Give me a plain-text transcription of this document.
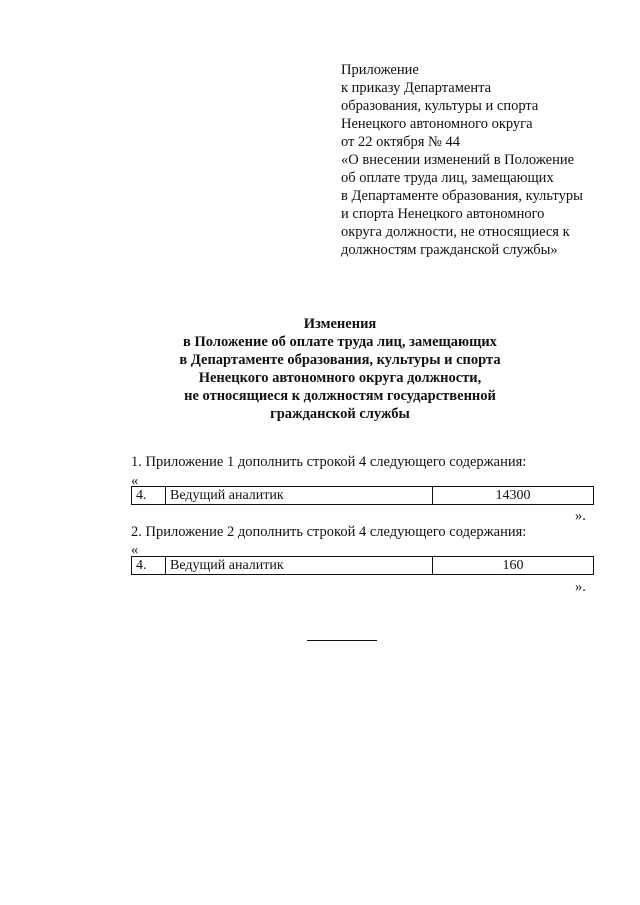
Приложение
к приказу Департамента
образования, культуры и спорта
Ненецкого автономного округа
от 22 октября № 44
«О внесении изменений в Положение
об оплате труда лиц, замещающих
в Департаменте образования, культуры
и спорта Ненецкого автономного
округа должности, не относящиеся к
должностям гражданской службы»
Изменения
в Положение об оплате труда лиц, замещающих
в Департаменте образования, культуры и спорта
Ненецкого автономного округа должности,
не относящиеся к должностям государственной
гражданской службы
1. Приложение 1 дополнить строкой 4 следующего содержания:
«
4.	Ведущий аналитик	14300
».
2. Приложение 2 дополнить строкой 4 следующего содержания:
«
4.	Ведущий аналитик	160
».
